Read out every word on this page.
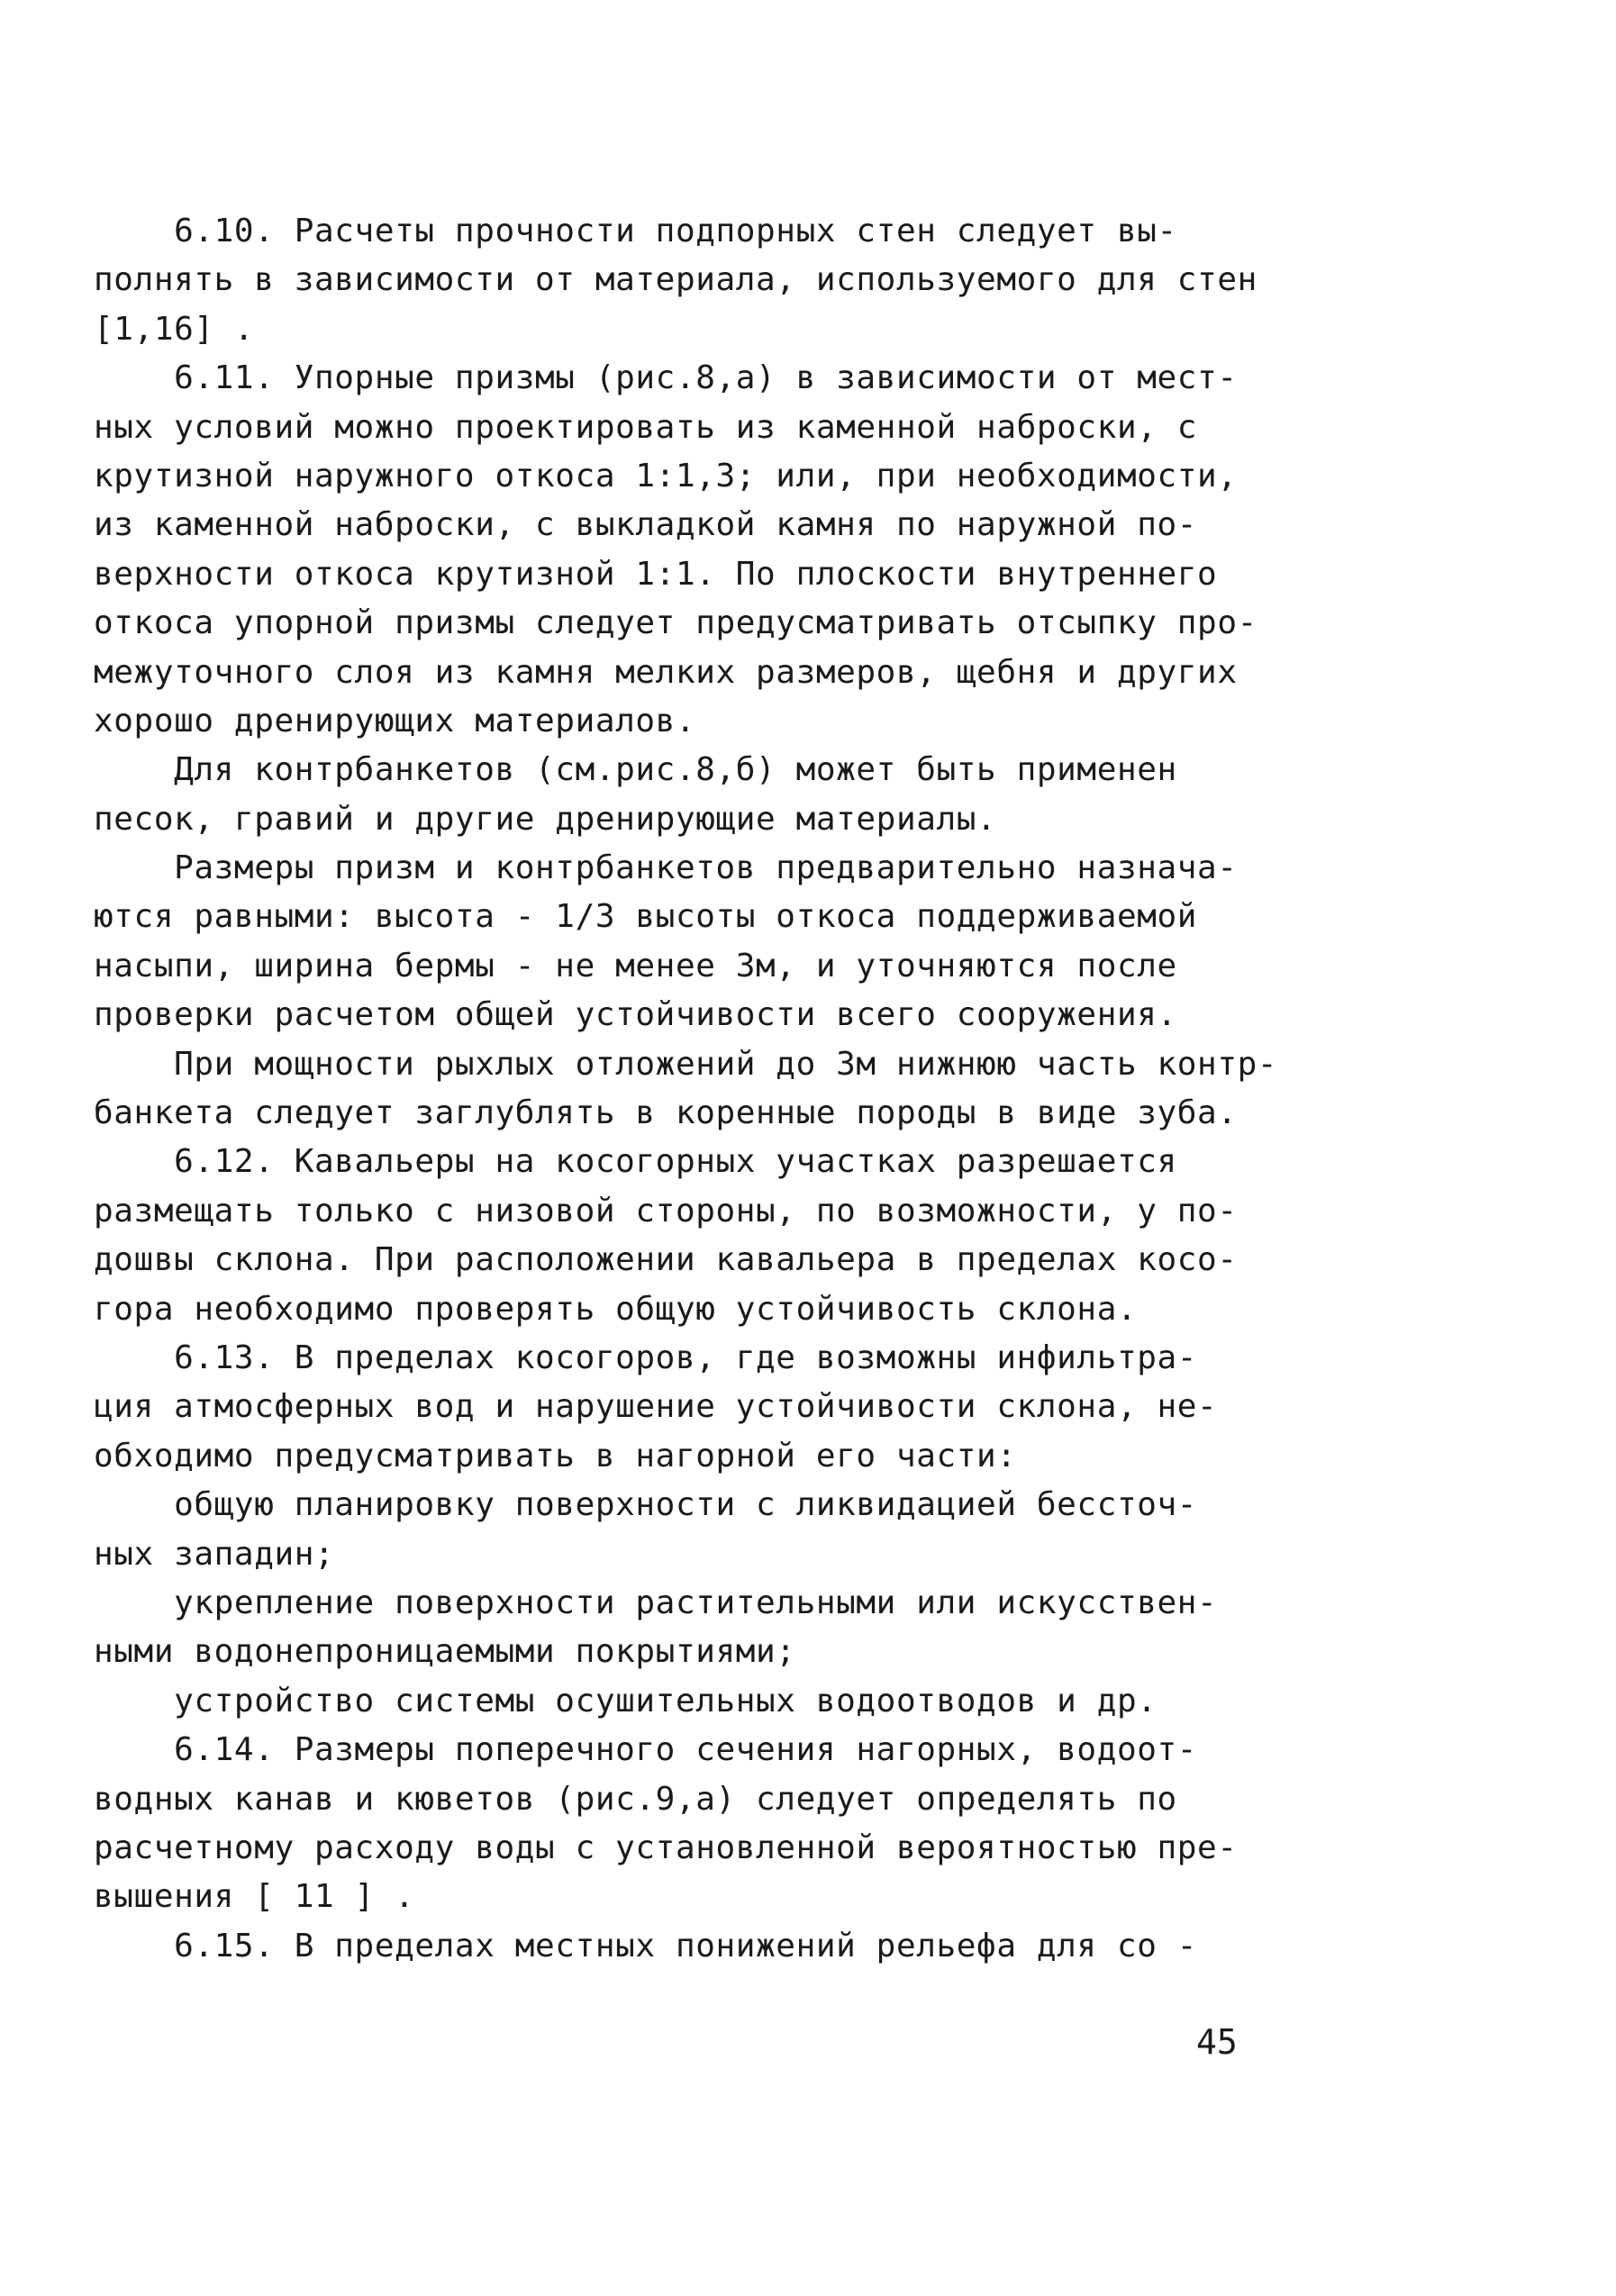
6.10. Расчеты прочности подпорных стен следует вы-
полнять в зависимости от материала, используемого для стен
[1,16] .
6.11. Упорные призмы (рис.8,а) в зависимости от мест-
ных условий можно проектировать из каменной наброски, с
крутизной наружного откоса 1:1,3; или, при необходимости,
из каменной наброски, с выкладкой камня по наружной по-
верхности откоса крутизной 1:1. По плоскости внутреннего
откоса упорной призмы следует предусматривать отсыпку про-
межуточного слоя из камня мелких размеров, щебня и других
хорошо дренирующих материалов.
Для контрбанкетов (см.рис.8,б) может быть применен
песок, гравий и другие дренирующие материалы.
Размеры призм и контрбанкетов предварительно назнача-
ются равными: высота - 1/3 высоты откоса поддерживаемой
насыпи, ширина бермы - не менее 3м, и уточняются после
проверки расчетом общей устойчивости всего сооружения.
При мощности рыхлых отложений до 3м нижнюю часть контр-
банкета следует заглублять в коренные породы в виде зуба.
6.12. Кавальеры на косогорных участках разрешается
размещать только с низовой стороны, по возможности, у по-
дошвы склона. При расположении кавальера в пределах косо-
гора необходимо проверять общую устойчивость склона.
6.13. В пределах косогоров, где возможны инфильтра-
ция атмосферных вод и нарушение устойчивости склона, не-
обходимо предусматривать в нагорной его части:
общую планировку поверхности с ликвидацией бессточ-
ных западин;
укрепление поверхности растительными или искусствен-
ными водонепроницаемыми покрытиями;
устройство системы осушительных водоотводов и др.
6.14. Размеры поперечного сечения нагорных, водоот-
водных канав и кюветов (рис.9,а) следует определять по
расчетному расходу воды с установленной вероятностью пре-
вышения [ 11 ] .
6.15. В пределах местных понижений рельефа для со -
45
